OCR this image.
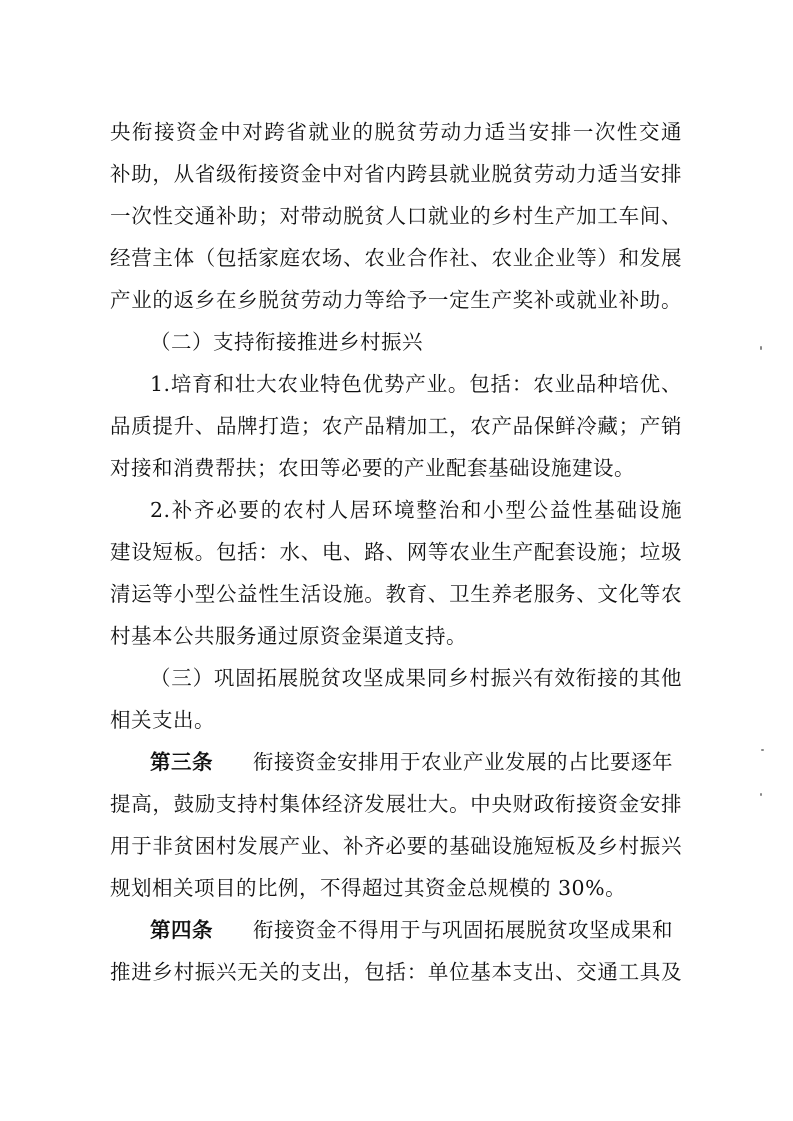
央衔接资金中对跨省就业的脱贫劳动力适当安排一次性交通
补助，从省级衔接资金中对省内跨县就业脱贫劳动力适当安排
一次性交通补助；对带动脱贫人口就业的乡村生产加工车间、
经营主体（包括家庭农场、农业合作社、农业企业等）和发展
产业的返乡在乡脱贫劳动力等给予一定生产奖补或就业补助。
（二）支持衔接推进乡村振兴
1.培育和壮大农业特色优势产业。包括：农业品种培优、
品质提升、品牌打造；农产品精加工，农产品保鲜冷藏；产销
对接和消费帮扶；农田等必要的产业配套基础设施建设。
2.补齐必要的农村人居环境整治和小型公益性基础设施
建设短板。包括：水、电、路、网等农业生产配套设施；垃圾
清运等小型公益性生活设施。教育、卫生养老服务、文化等农
村基本公共服务通过原资金渠道支持。
（三）巩固拓展脱贫攻坚成果同乡村振兴有效衔接的其他
相关支出。
第三条 衔接资金安排用于农业产业发展的占比要逐年
提高，鼓励支持村集体经济发展壮大。中央财政衔接资金安排
用于非贫困村发展产业、补齐必要的基础设施短板及乡村振兴
规划相关项目的比例，不得超过其资金总规模的 30%。
第四条 衔接资金不得用于与巩固拓展脱贫攻坚成果和
推进乡村振兴无关的支出，包括：单位基本支出、交通工具及
